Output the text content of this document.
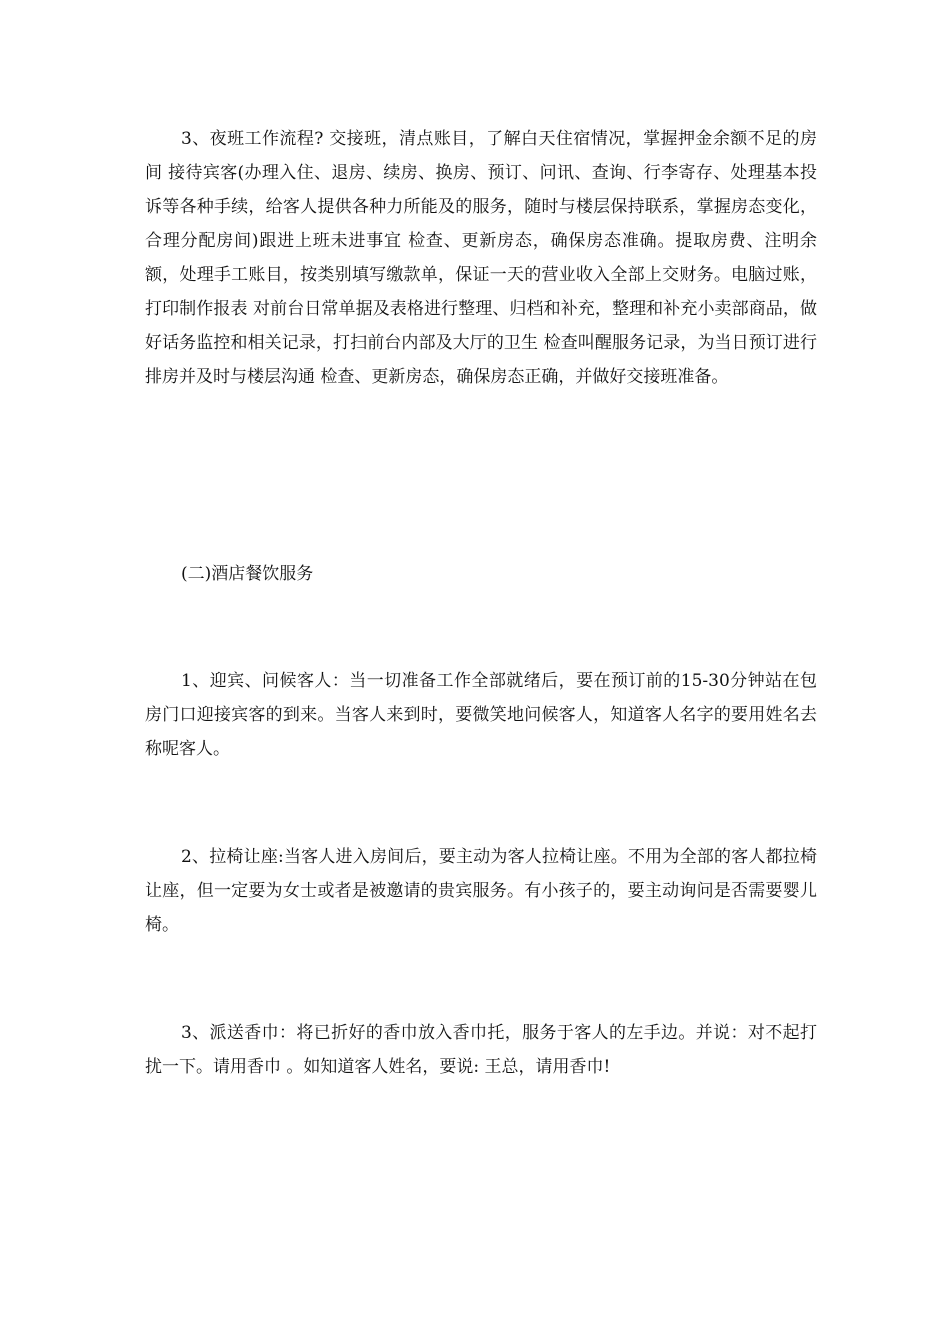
3、夜班工作流程? 交接班，清点账目，了解白天住宿情况，掌握押金余额不足的房间 接待宾客(办理入住、退房、续房、换房、预订、问讯、查询、行李寄存、处理基本投诉等各种手续，给客人提供各种力所能及的服务，随时与楼层保持联系，掌握房态变化，合理分配房间)跟进上班未进事宜 检查、更新房态，确保房态准确。提取房费、注明余额，处理手工账目，按类别填写缴款单，保证一天的营业收入全部上交财务。电脑过账，打印制作报表 对前台日常单据及表格进行整理、归档和补充，整理和补充小卖部商品，做好话务监控和相关记录，打扫前台内部及大厅的卫生 检查叫醒服务记录，为当日预订进行排房并及时与楼层沟通 检查、更新房态，确保房态正确，并做好交接班准备。

(二)酒店餐饮服务

1、迎宾、问候客人：当一切准备工作全部就绪后，要在预订前的15-30分钟站在包房门口迎接宾客的到来。当客人来到时，要微笑地问候客人，知道客人名字的要用姓名去称呢客人。

2、拉椅让座:当客人进入房间后，要主动为客人拉椅让座。不用为全部的客人都拉椅让座，但一定要为女士或者是被邀请的贵宾服务。有小孩子的，要主动询问是否需要婴儿椅。

3、派送香巾：将已折好的香巾放入香巾托，服务于客人的左手边。并说：对不起打扰一下。请用香巾 。如知道客人姓名，要说: 王总，请用香巾!
